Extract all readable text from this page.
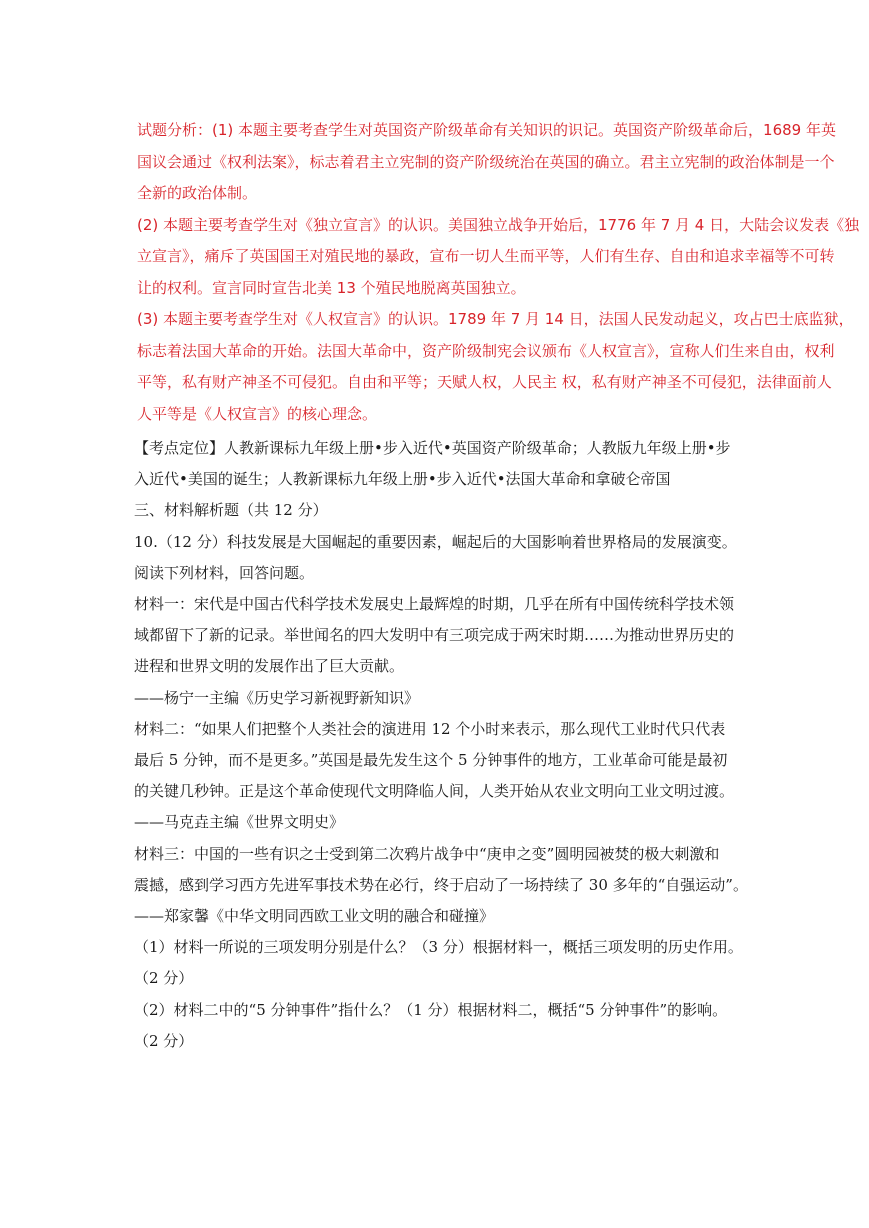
试题分析：(1) 本题主要考查学生对英国资产阶级革命有关知识的识记。英国资产阶级革命后，1689 年英

国议会通过《权利法案》，标志着君主立宪制的资产阶级统治在英国的确立。君主立宪制的政治体制是一个

全新的政治体制。

(2) 本题主要考查学生对《独立宣言》的认识。美国独立战争开始后，1776 年 7 月 4 日，大陆会议发表《独

立宣言》，痛斥了英国国王对殖民地的暴政，宣布一切人生而平等，人们有生存、自由和追求幸福等不可转

让的权利。宣言同时宣告北美 13 个殖民地脱离英国独立。

(3) 本题主要考查学生对《人权宣言》的认识。1789 年 7 月 14 日，法国人民发动起义，攻占巴士底监狱，

标志着法国大革命的开始。法国大革命中，资产阶级制宪会议颁布《人权宣言》，宣称人们生来自由，权利

平等，私有财产神圣不可侵犯。自由和平等；天赋人权，人民主 权，私有财产神圣不可侵犯，法律面前人

人平等是《人权宣言》的核心理念。

【考点定位】人教新课标九年级上册•步入近代•英国资产阶级革命；人教版九年级上册•步

入近代•美国的诞生；人教新课标九年级上册•步入近代•法国大革命和拿破仑帝国

三、材料解析题（共 12 分）

10.（12 分）科技发展是大国崛起的重要因素，崛起后的大国影响着世界格局的发展演变。

阅读下列材料，回答问题。

材料一：宋代是中国古代科学技术发展史上最辉煌的时期，几乎在所有中国传统科学技术领

域都留下了新的记录。举世闻名的四大发明中有三项完成于两宋时期……为推动世界历史的

进程和世界文明的发展作出了巨大贡献。

——杨宁一主编《历史学习新视野新知识》

材料二：“如果人们把整个人类社会的演进用 12 个小时来表示，那么现代工业时代只代表

最后 5 分钟，而不是更多。”英国是最先发生这个 5 分钟事件的地方，工业革命可能是最初

的关键几秒钟。正是这个革命使现代文明降临人间，人类开始从农业文明向工业文明过渡。

——马克垚主编《世界文明史》

材料三：中国的一些有识之士受到第二次鸦片战争中“庚申之变”圆明园被焚的极大刺激和

震撼，感到学习西方先进军事技术势在必行，终于启动了一场持续了 30 多年的“自强运动”。

——郑家馨《中华文明同西欧工业文明的融合和碰撞》

（1）材料一所说的三项发明分别是什么？（3 分）根据材料一，概括三项发明的历史作用。

（2 分）

（2）材料二中的“5 分钟事件”指什么？（1 分）根据材料二，概括“5 分钟事件”的影响。

（2 分）
